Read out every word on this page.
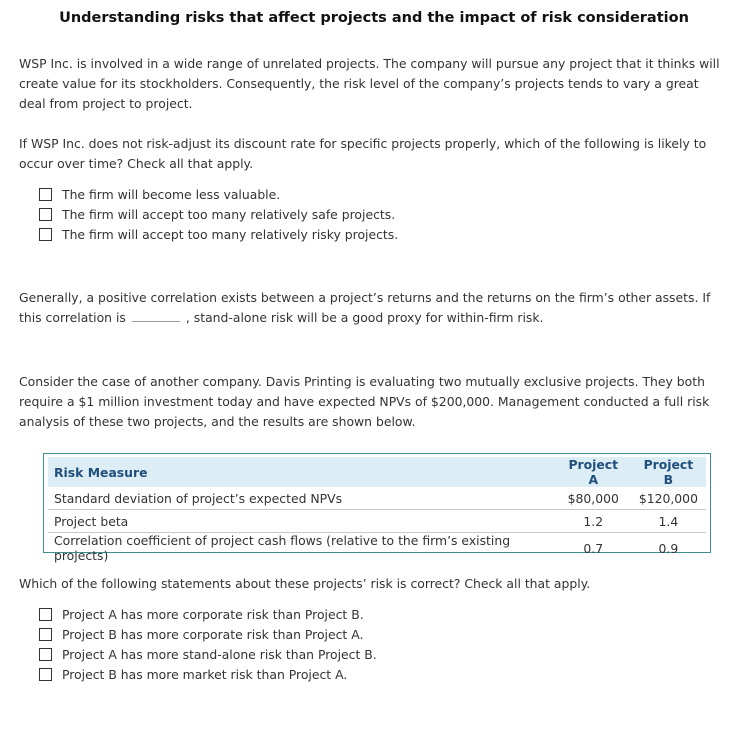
Understanding risks that affect projects and the impact of risk consideration

WSP Inc. is involved in a wide range of unrelated projects. The company will pursue any project that it thinks will create value for its stockholders. Consequently, the risk level of the company’s projects tends to vary a great deal from project to project.

If WSP Inc. does not risk-adjust its discount rate for specific projects properly, which of the following is likely to occur over time? Check all that apply.

The firm will become less valuable.
The firm will accept too many relatively safe projects.
The firm will accept too many relatively risky projects.

Generally, a positive correlation exists between a project’s returns and the returns on the firm’s other assets. If this correlation is	, stand-alone risk will be a good proxy for within-firm risk.

Consider the case of another company. Davis Printing is evaluating two mutually exclusive projects. They both require a $1 million investment today and have expected NPVs of $200,000. Management conducted a full risk analysis of these two projects, and the results are shown below.

Risk Measure	Project A	Project B
Standard deviation of project’s expected NPVs	$80,000	$120,000
Project beta	1.2	1.4
Correlation coefficient of project cash flows (relative to the firm’s existing projects)	0.7	0.9

Which of the following statements about these projects’ risk is correct? Check all that apply.

Project A has more corporate risk than Project B.
Project B has more corporate risk than Project A.
Project A has more stand-alone risk than Project B.
Project B has more market risk than Project A.
